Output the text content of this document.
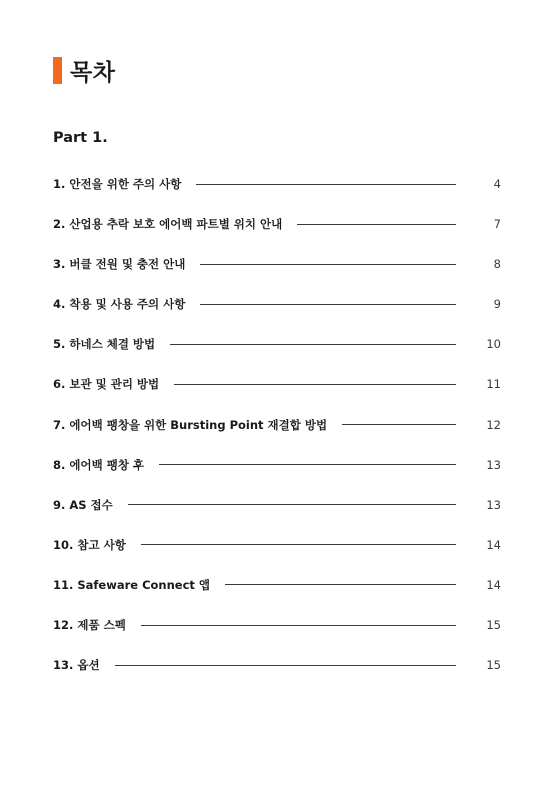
목차
Part 1.
1. 안전을 위한 주의 사항	4
2. 산업용 추락 보호 에어백 파트별 위치 안내	7
3. 버클 전원 및 충전 안내	8
4. 착용 및 사용 주의 사항	9
5. 하네스 체결 방법	10
6. 보관 및 관리 방법	11
7. 에어백 팽창을 위한 Bursting Point 재결합 방법	12
8. 에어백 팽창 후	13
9. AS 접수	13
10. 참고 사항	14
11. Safeware Connect 앱	14
12. 제품 스펙	15
13. 옵션	15
